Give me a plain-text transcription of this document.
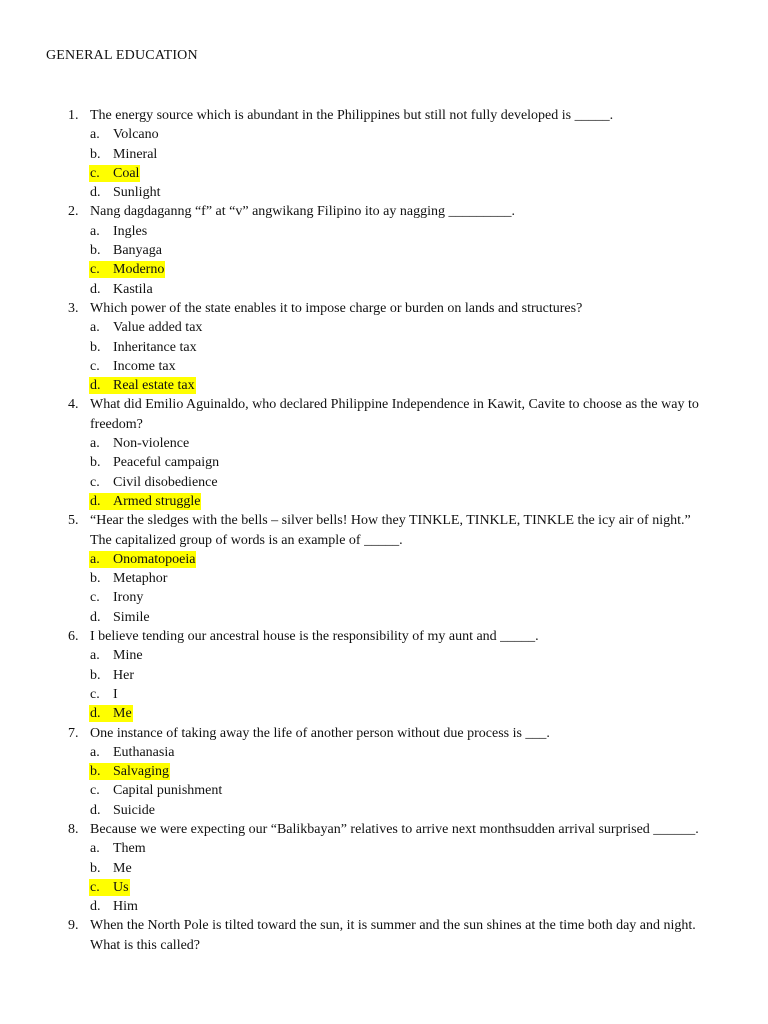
GENERAL EDUCATION
1. The energy source which is abundant in the Philippines but still not fully developed is _____.
a. Volcano
b. Mineral
c. Coal
d. Sunlight
2. Nang dagdaganng “f” at “v” angwikang Filipino ito ay nagging _________.
a. Ingles
b. Banyaga
c. Moderno
d. Kastila
3. Which power of the state enables it to impose charge or burden on lands and structures?
a. Value added tax
b. Inheritance tax
c. Income tax
d. Real estate tax
4. What did Emilio Aguinaldo, who declared Philippine Independence in Kawit, Cavite to choose as the way to freedom?
a. Non-violence
b. Peaceful campaign
c. Civil disobedience
d. Armed struggle
5. “Hear the sledges with the bells – silver bells! How they TINKLE, TINKLE, TINKLE the icy air of night.” The capitalized group of words is an example of _____.
a. Onomatopoeia
b. Metaphor
c. Irony
d. Simile
6. I believe tending our ancestral house is the responsibility of my aunt and _____.
a. Mine
b. Her
c. I
d. Me
7. One instance of taking away the life of another person without due process is ___.
a. Euthanasia
b. Salvaging
c. Capital punishment
d. Suicide
8. Because we were expecting our “Balikbayan” relatives to arrive next monthsudden arrival surprised ______.
a. Them
b. Me
c. Us
d. Him
9. When the North Pole is tilted toward the sun, it is summer and the sun shines at the time both day and night. What is this called?
